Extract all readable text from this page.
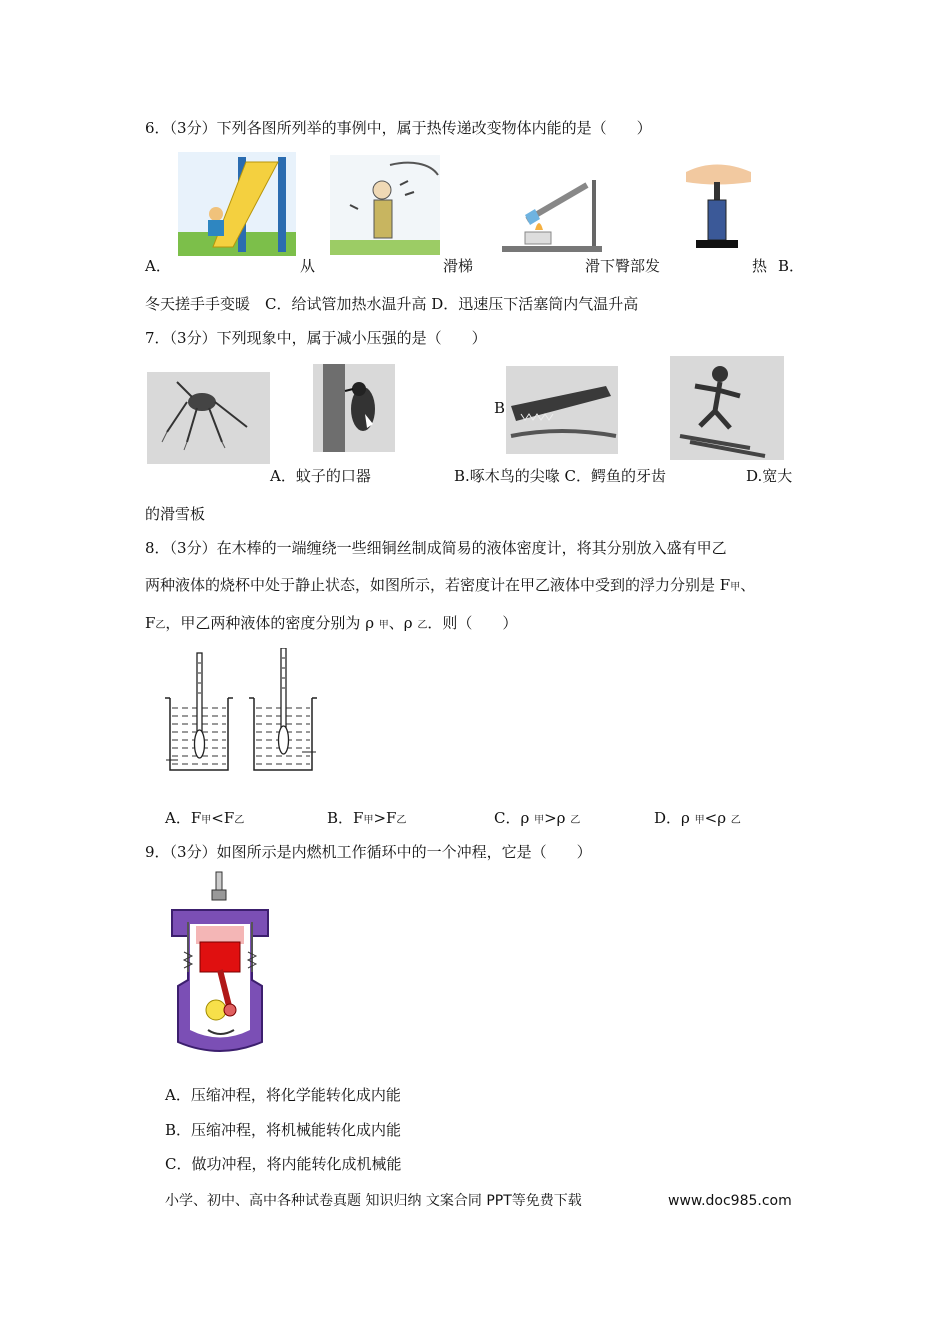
6．（3分）下列各图所列举的事例中，属于热传递改变物体内能的是（　　）
A．	从	滑梯	滑下臀部发	热 B．
冬天搓手手变暖　C．给试管加热水温升高 D．迅速压下活塞筒内气温升高
7．（3分）下列现象中，属于减小压强的是（　　）
B
A．蚊子的口器	B.啄木鸟的尖喙 C．鳄鱼的牙齿	D.宽大
的滑雪板
8．（3分）在木棒的一端缠绕一些细铜丝制成简易的液体密度计，将其分别放入盛有甲乙
两种液体的烧杯中处于静止状态，如图所示，若密度计在甲乙液体中受到的浮力分别是 F甲、
F乙，甲乙两种液体的密度分别为 ρ 甲、ρ 乙．则（　　）
A．F甲<F乙	B．F甲>F乙	C．ρ 甲>ρ 乙	D．ρ 甲<ρ 乙
9．（3分）如图所示是内燃机工作循环中的一个冲程，它是（　　）
A．压缩冲程，将化学能转化成内能
B．压缩冲程，将机械能转化成内能
C．做功冲程，将内能转化成机械能
小学、初中、高中各种试卷真题 知识归纳 文案合同 PPT等免费下载	www.doc985.com
